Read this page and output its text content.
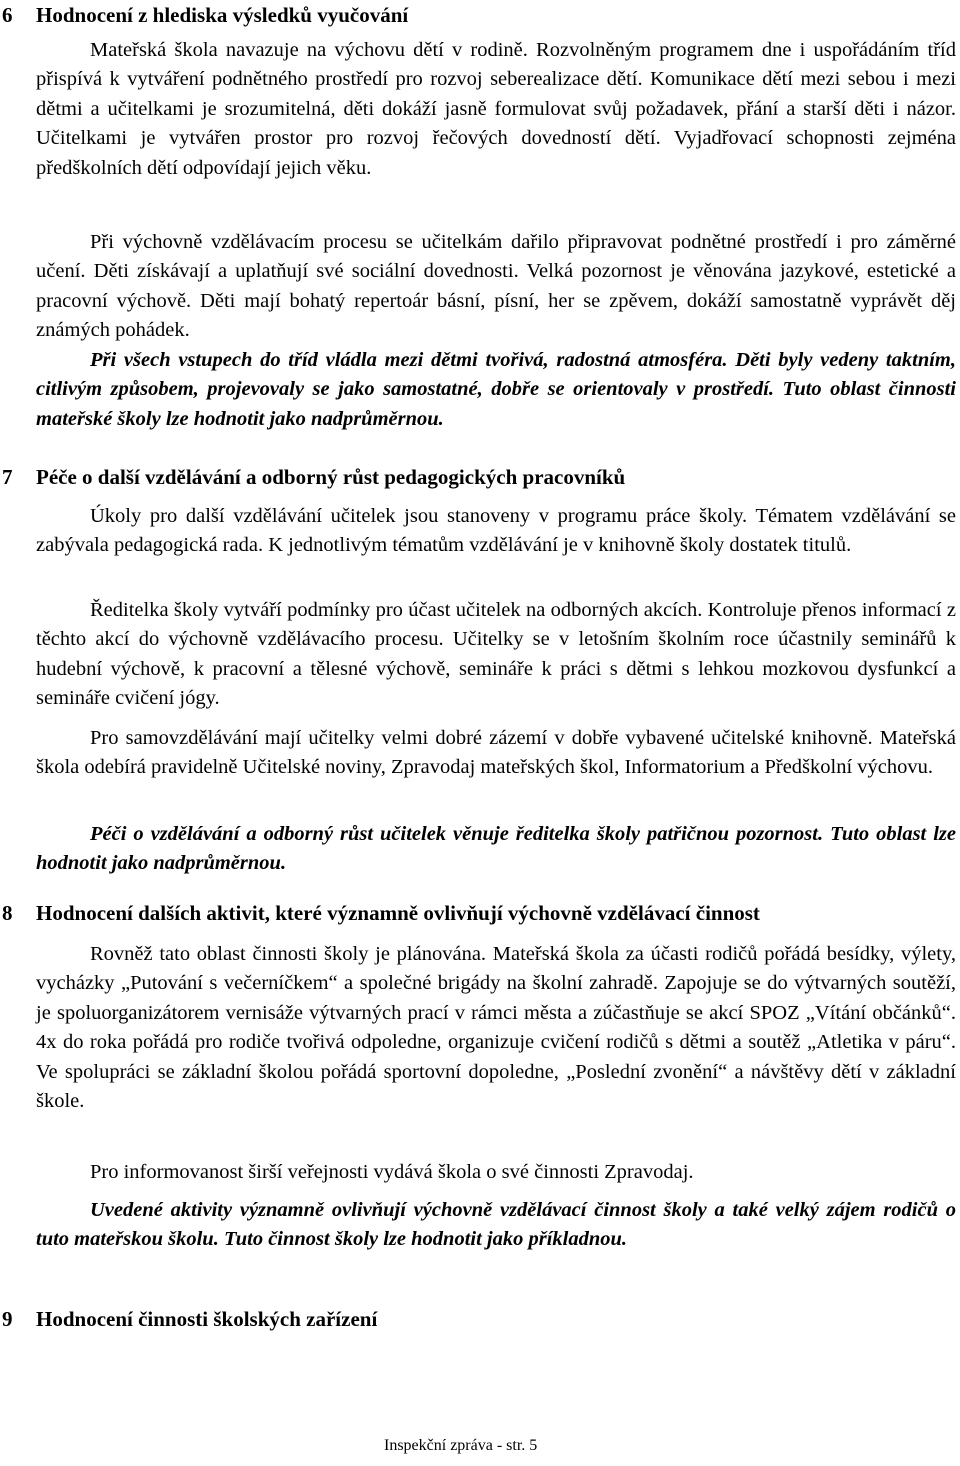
6 Hodnocení z hlediska výsledků vyučování

Mateřská škola navazuje na výchovu dětí v rodině. Rozvolněným programem dne i uspořádáním tříd přispívá k vytváření podnětného prostředí pro rozvoj seberealizace dětí. Komunikace dětí mezi sebou i mezi dětmi a učitelkami je srozumitelná, děti dokáží jasně formulovat svůj požadavek, přání a starší děti i názor. Učitelkami je vytvářen prostor pro rozvoj řečových dovedností dětí. Vyjadřovací schopnosti zejména předškolních dětí odpovídají jejich věku.

Při výchovně vzdělávacím procesu se učitelkám dařilo připravovat podnětné prostředí i pro záměrné učení. Děti získávají a uplatňují své sociální dovednosti. Velká pozornost je věnována jazykové, estetické a pracovní výchově. Děti mají bohatý repertoár básní, písní, her se zpěvem, dokáží samostatně vyprávět děj známých pohádek.

Při všech vstupech do tříd vládla mezi dětmi tvořivá, radostná atmosféra. Děti byly vedeny taktním, citlivým způsobem, projevovaly se jako samostatné, dobře se orientovaly v prostředí. Tuto oblast činnosti mateřské školy lze hodnotit jako nadprůměrnou.

7 Péče o další vzdělávání a odborný růst pedagogických pracovníků

Úkoly pro další vzdělávání učitelek jsou stanoveny v programu práce školy. Tématem vzdělávání se zabývala pedagogická rada. K jednotlivým tématům vzdělávání je v knihovně školy dostatek titulů.

Ředitelka školy vytváří podmínky pro účast učitelek na odborných akcích. Kontroluje přenos informací z těchto akcí do výchovně vzdělávacího procesu. Učitelky se v letošním školním roce účastnily seminářů k hudební výchově, k pracovní a tělesné výchově, semináře k práci s dětmi s lehkou mozkovou dysfunkcí a semináře cvičení jógy.

Pro samovzdělávání mají učitelky velmi dobré zázemí v dobře vybavené učitelské knihovně. Mateřská škola odebírá pravidelně Učitelské noviny, Zpravodaj mateřských škol, Informatorium a Předškolní výchovu.

Péči o vzdělávání a odborný růst učitelek věnuje ředitelka školy patřičnou pozornost. Tuto oblast lze hodnotit jako nadprůměrnou.

8 Hodnocení dalších aktivit, které významně ovlivňují výchovně vzdělávací činnost

Rovněž tato oblast činnosti školy je plánována. Mateřská škola za účasti rodičů pořádá besídky, výlety, vycházky „Putování s večerníčkem“ a společné brigády na školní zahradě. Zapojuje se do výtvarných soutěží, je spoluorganizátorem vernisáže výtvarných prací v rámci města a zúčastňuje se akcí SPOZ „Vítání občánků“. 4x do roka pořádá pro rodiče tvořivá odpoledne, organizuje cvičení rodičů s dětmi a soutěž „Atletika v páru“. Ve spolupráci se základní školou pořádá sportovní dopoledne, „Poslední zvonění“ a návštěvy dětí v základní škole.

Pro informovanost širší veřejnosti vydává škola o své činnosti Zpravodaj.

Uvedené aktivity významně ovlivňují výchovně vzdělávací činnost školy a také velký zájem rodičů o tuto mateřskou školu. Tuto činnost školy lze hodnotit jako příkladnou.

9 Hodnocení činnosti školských zařízení
Inspekční zpráva - str. 5
